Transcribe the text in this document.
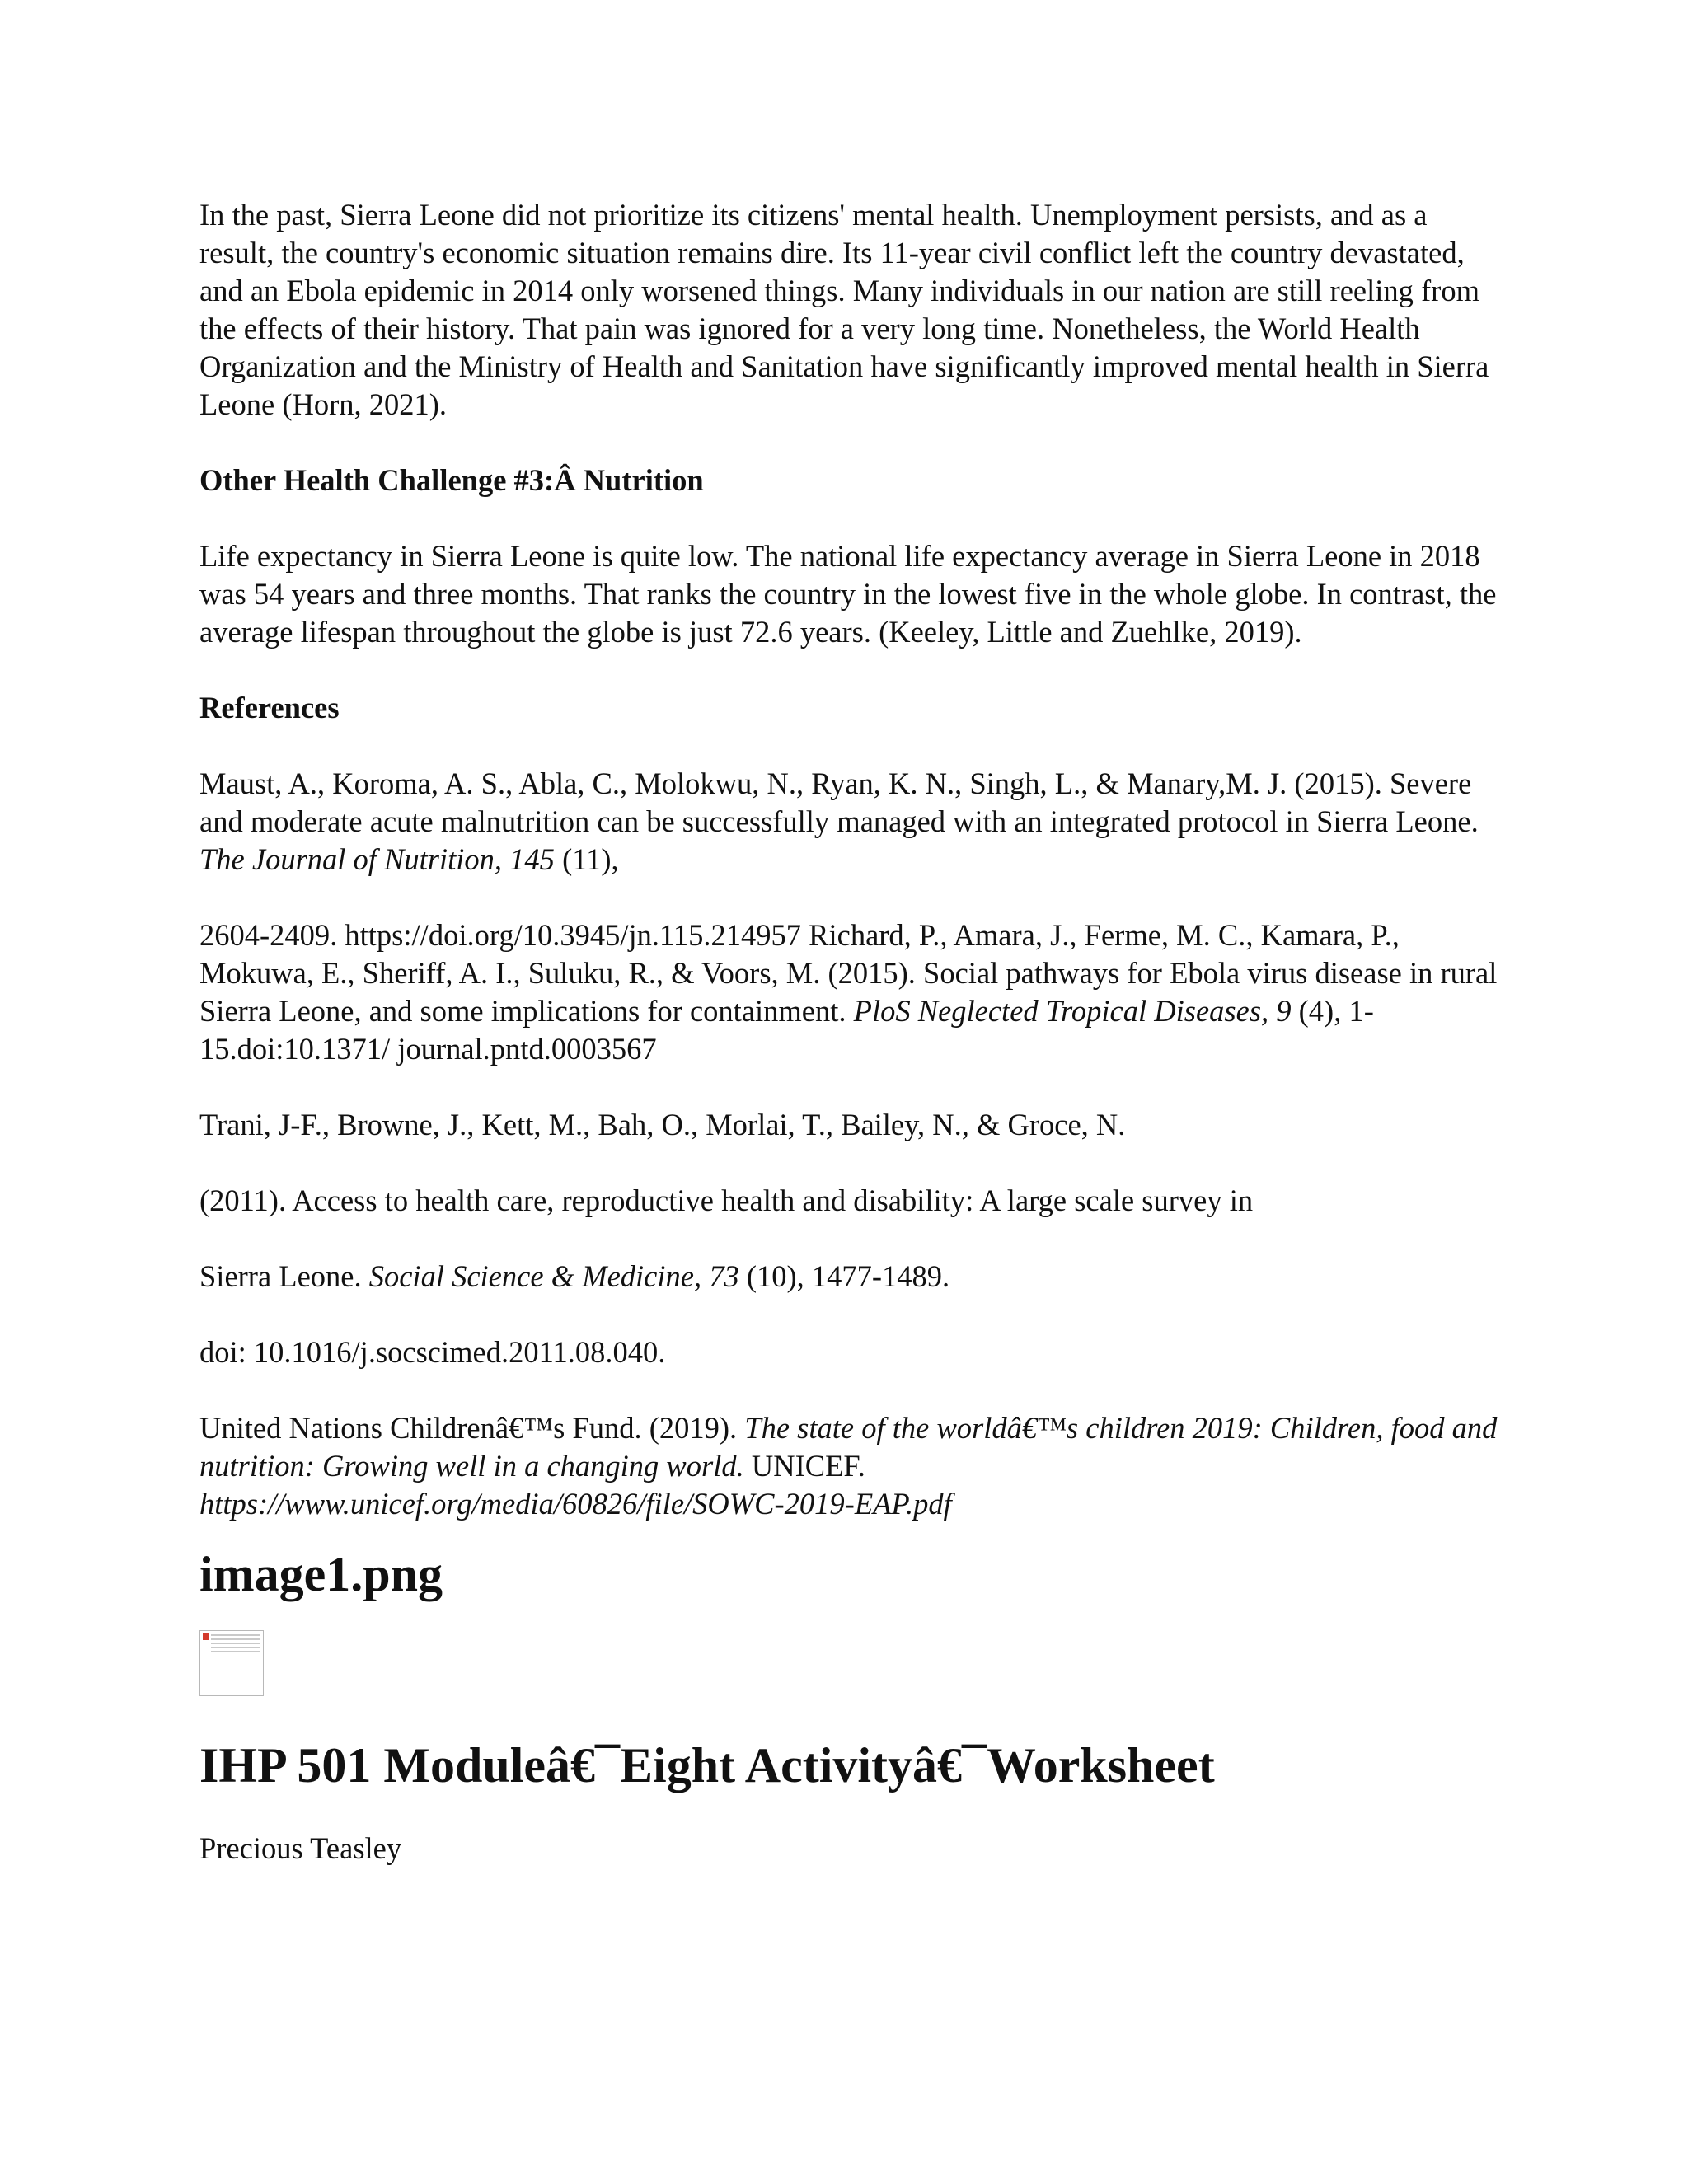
In the past, Sierra Leone did not prioritize its citizens' mental health. Unemployment persists, and as a result, the country's economic situation remains dire. Its 11-year civil conflict left the country devastated, and an Ebola epidemic in 2014 only worsened things. Many individuals in our nation are still reeling from the effects of their history. That pain was ignored for a very long time. Nonetheless, the World Health Organization and the Ministry of Health and Sanitation have significantly improved mental health in Sierra Leone (Horn, 2021).

Other Health Challenge #3:Â Nutrition

Life expectancy in Sierra Leone is quite low. The national life expectancy average in Sierra Leone in 2018 was 54 years and three months. That ranks the country in the lowest five in the whole globe. In contrast, the average lifespan throughout the globe is just 72.6 years. (Keeley, Little and Zuehlke, 2019).

References

Maust, A., Koroma, A. S., Abla, C., Molokwu, N., Ryan, K. N., Singh, L., & Manary,M. J. (2015). Severe and moderate acute malnutrition can be successfully managed with an integrated protocol in Sierra Leone. The Journal of Nutrition, 145 (11),

2604-2409. https://doi.org/10.3945/jn.115.214957 Richard, P., Amara, J., Ferme, M. C., Kamara, P., Mokuwa, E., Sheriff, A. I., Suluku, R., & Voors, M. (2015). Social pathways for Ebola virus disease in rural Sierra Leone, and some implications for containment. PloS Neglected Tropical Diseases, 9 (4), 1-15.doi:10.1371/ journal.pntd.0003567

Trani, J-F., Browne, J., Kett, M., Bah, O., Morlai, T., Bailey, N., & Groce, N.

(2011). Access to health care, reproductive health and disability: A large scale survey in

Sierra Leone. Social Science & Medicine, 73 (10), 1477-1489.

doi: 10.1016/j.socscimed.2011.08.040.

United Nations Childrenâ€™s Fund. (2019). The state of the worldâ€™s children 2019: Children, food and nutrition: Growing well in a changing world. UNICEF.
https://www.unicef.org/media/60826/file/SOWC-2019-EAP.pdf

image1.png
IHP 501 Moduleâ€¯Eight Activityâ€¯Worksheet

Precious Teasley
